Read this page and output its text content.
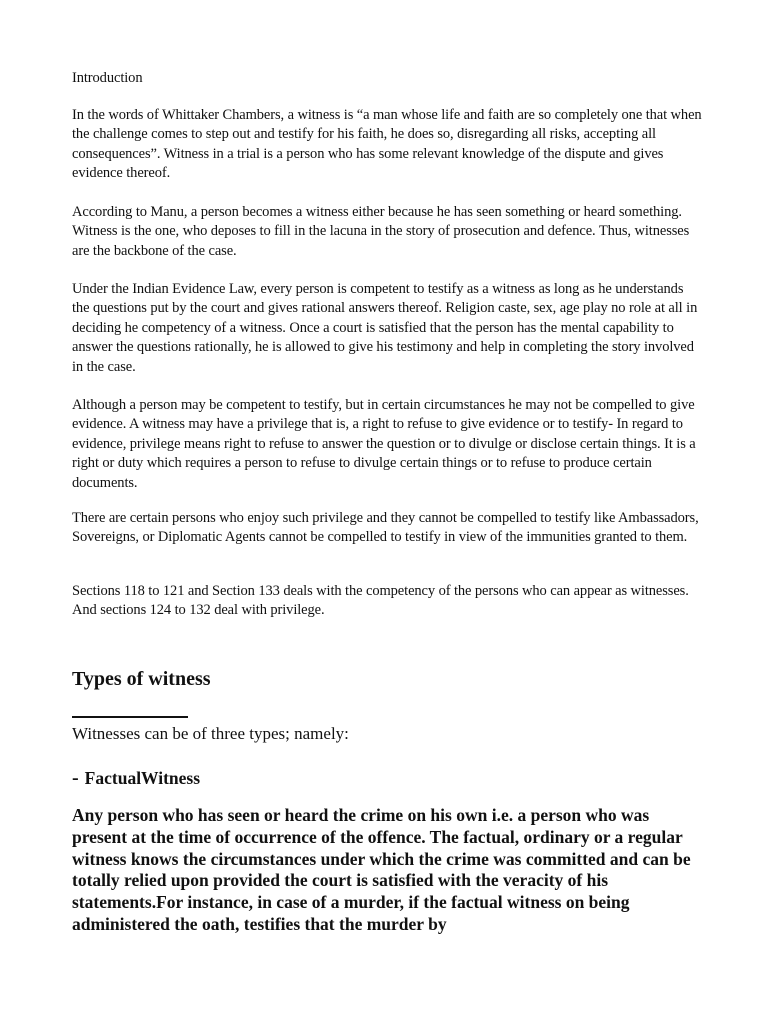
Introduction

In the words of Whittaker Chambers, a witness is “a man whose life and faith are so completely one that when the challenge comes to step out and testify for his faith, he does so, disregarding all risks, accepting all consequences”. Witness in a trial is a person who has some relevant knowledge of the dispute and gives evidence thereof.

According to Manu, a person becomes a witness either because he has seen something or heard something. Witness is the one, who deposes to fill in the lacuna in the story of prosecution and defence. Thus, witnesses are the backbone of the case.

Under the Indian Evidence Law, every person is competent to testify as a witness as long as he understands the questions put by the court and gives rational answers thereof. Religion caste, sex, age play no role at all in deciding he competency of a witness. Once a court is satisfied that the person has the mental capability to answer the questions rationally, he is allowed to give his testimony and help in completing the story involved in the case.

Although a person may be competent to testify, but in certain circumstances he may not be compelled to give evidence. A witness may have a privilege that is, a right to refuse to give evidence or to testify- In regard to evidence, privilege means right to refuse to answer the question or to divulge or disclose certain things. It is a right or duty which requires a person to refuse to divulge certain things or to refuse to produce certain documents.

There are certain persons who enjoy such privilege and they cannot be compelled to testify like Ambassadors, Sovereigns, or Diplomatic Agents cannot be compelled to testify in view of the immunities granted to them.

Sections 118 to 121 and Section 133 deals with the competency of the persons who can appear as witnesses. And sections 124 to 132 deal with privilege.

Types of witness
Witnesses can be of three types; namely:
- FactualWitness
Any person who has seen or heard the crime on his own i.e. a person who was present at the time of occurrence of the offence. The factual, ordinary or a regular witness knows the circumstances under which the crime was committed and can be totally relied upon provided the court is satisfied with the veracity of his statements.For instance, in case of a murder, if the factual witness on being administered the oath, testifies that the murder by
